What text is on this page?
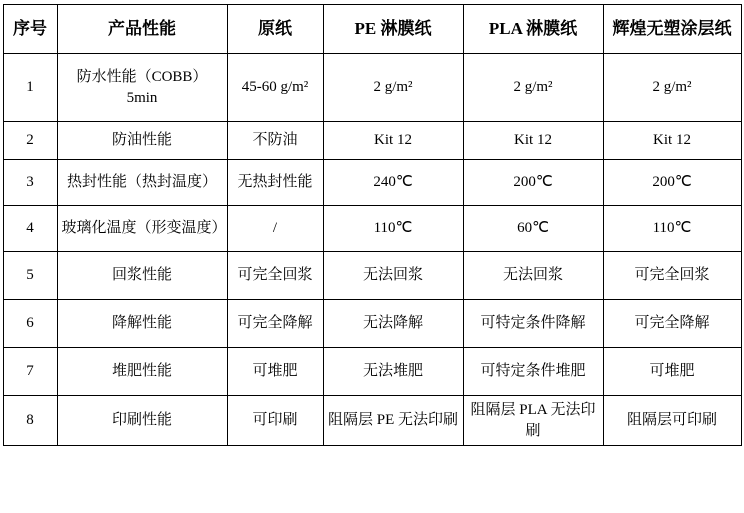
序号	产品性能	原纸	PE 淋膜纸	PLA 淋膜纸	辉煌无塑涂层纸
1	防水性能（COBB）5min	45-60 g/m²	2 g/m²	2 g/m²	2 g/m²
2	防油性能	不防油	Kit 12	Kit 12	Kit 12
3	热封性能（热封温度）	无热封性能	240℃	200℃	200℃
4	玻璃化温度（形变温度）	/	110℃	60℃	110℃
5	回浆性能	可完全回浆	无法回浆	无法回浆	可完全回浆
6	降解性能	可完全降解	无法降解	可特定条件降解	可完全降解
7	堆肥性能	可堆肥	无法堆肥	可特定条件堆肥	可堆肥
8	印刷性能	可印刷	阻隔层 PE 无法印刷	阻隔层 PLA 无法印刷	阻隔层可印刷
